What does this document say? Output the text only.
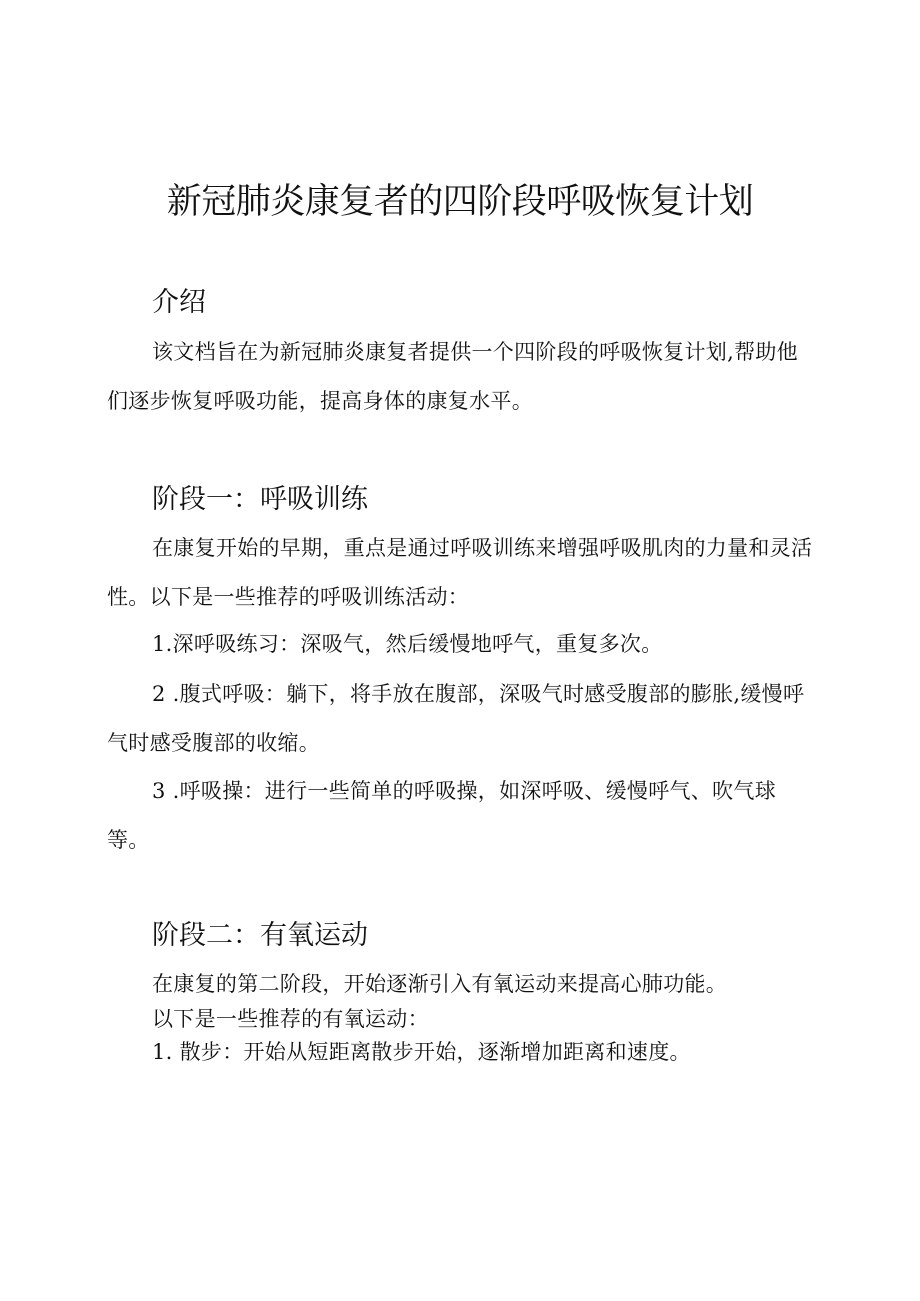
新冠肺炎康复者的四阶段呼吸恢复计划
介绍

该文档旨在为新冠肺炎康复者提供一个四阶段的呼吸恢复计划,帮助他们逐步恢复呼吸功能，提高身体的康复水平。

阶段一：呼吸训练

在康复开始的早期，重点是通过呼吸训练来增强呼吸肌肉的力量和灵活性。以下是一些推荐的呼吸训练活动：

1.深呼吸练习：深吸气，然后缓慢地呼气，重复多次。

2 .腹式呼吸：躺下，将手放在腹部，深吸气时感受腹部的膨胀,缓慢呼气时感受腹部的收缩。

3 .呼吸操：进行一些简单的呼吸操，如深呼吸、缓慢呼气、吹气球等。

阶段二：有氧运动

在康复的第二阶段，开始逐渐引入有氧运动来提高心肺功能。

以下是一些推荐的有氧运动：

1. 散步：开始从短距离散步开始，逐渐增加距离和速度。
